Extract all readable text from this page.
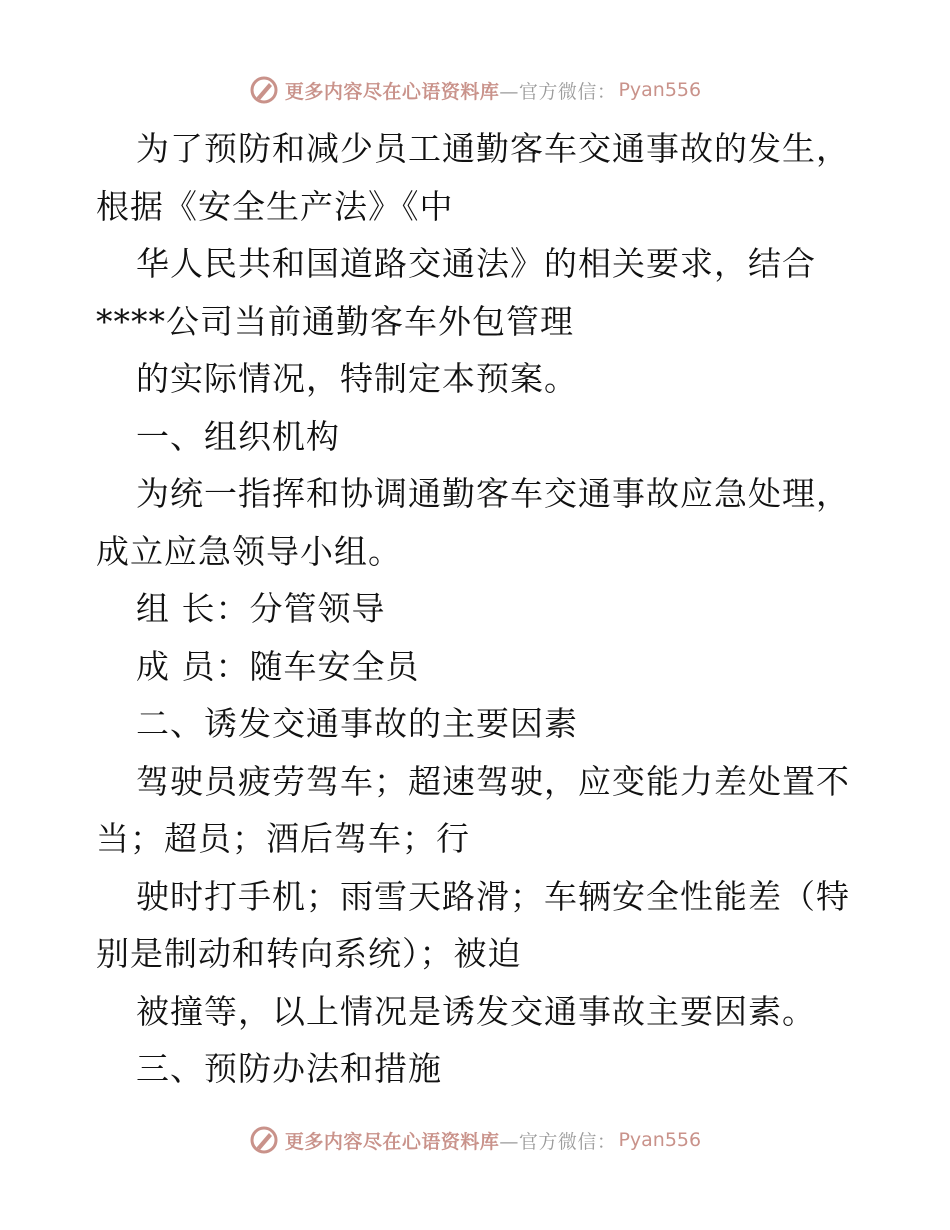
更多内容尽在心语资料库 —官方微信： Pyan556
为了预防和减少员工通勤客车交通事故的发生，
根据《安全生产法》《中
华人民共和国道路交通法》的相关要求，结合
****公司当前通勤客车外包管理
的实际情况，特制定本预案。
一、组织机构
为统一指挥和协调通勤客车交通事故应急处理，
成立应急领导小组。
组 长：分管领导
成 员：随车安全员
二、诱发交通事故的主要因素
驾驶员疲劳驾车；超速驾驶，应变能力差处置不
当；超员；酒后驾车；行
驶时打手机；雨雪天路滑；车辆安全性能差（特
别是制动和转向系统）；被迫
被撞等，以上情况是诱发交通事故主要因素。
三、预防办法和措施
更多内容尽在心语资料库 —官方微信： Pyan556
